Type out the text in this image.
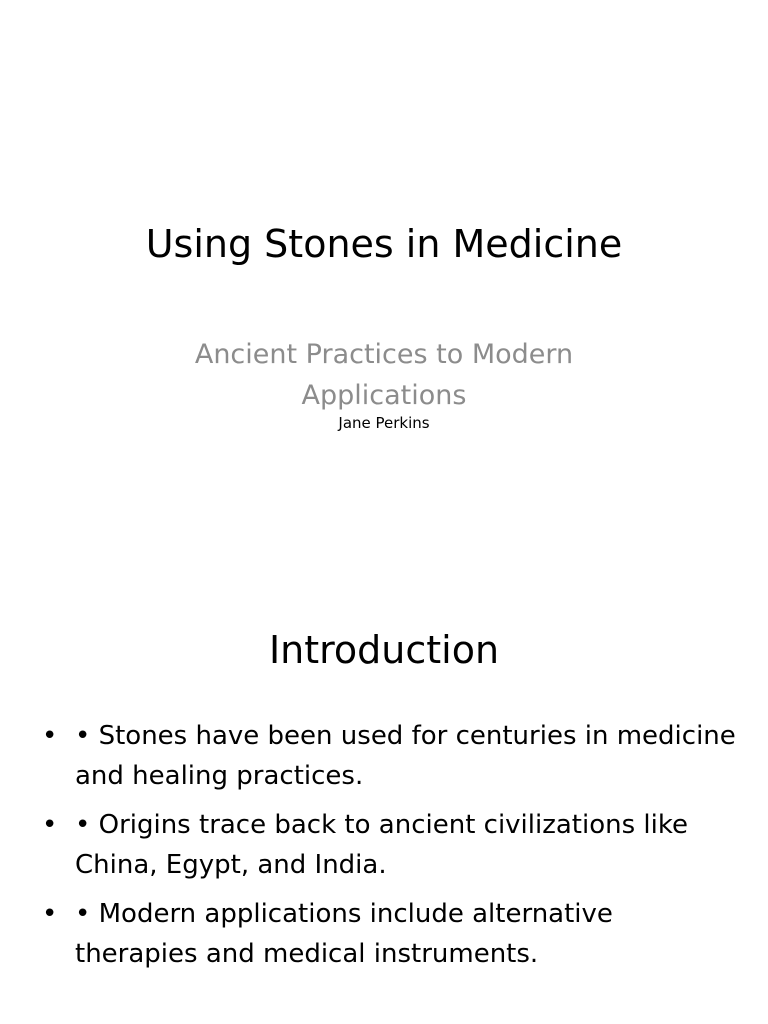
Using Stones in Medicine
Ancient Practices to Modern Applications
Jane Perkins
Introduction
• • Stones have been used for centuries in medicine and healing practices.
• • Origins trace back to ancient civilizations like China, Egypt, and India.
• • Modern applications include alternative therapies and medical instruments.
